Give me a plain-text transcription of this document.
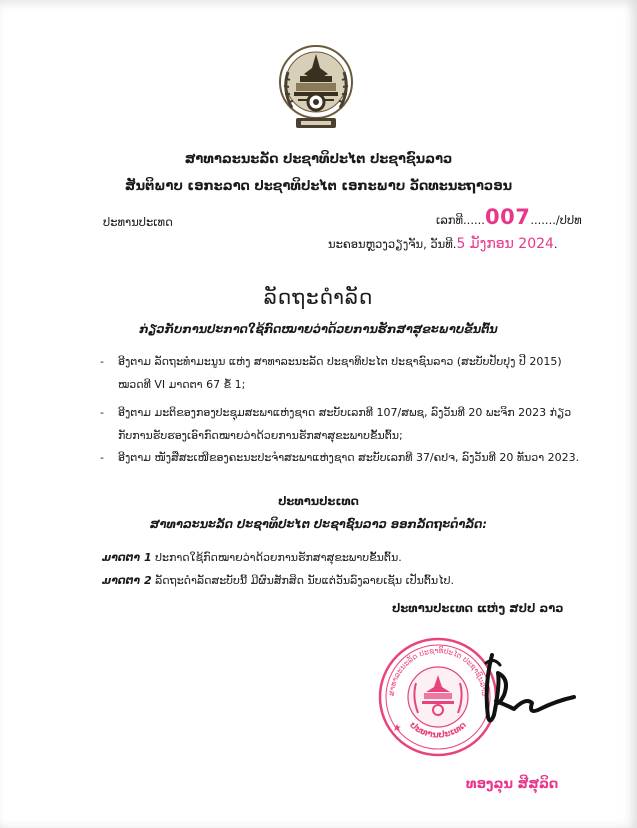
ສາທາລະນະລັດ ປະຊາທິປະໄຕ ປະຊາຊົນລາວ
ສັນຕິພາບ ເອກະລາດ ປະຊາທິປະໄຕ ເອກະພາບ ວັດທະນະຖາວອນ
ປະທານປະເທດ	ເລກທີ......007......./ປປທ
ນະຄອນຫຼວງວຽງຈັນ, ວັນທີ.5 ມັງກອນ 2024.
ລັດຖະດຳລັດ
ກ່ຽວກັບການປະກາດໃຊ້ກົດໝາຍວ່າດ້ວຍການຮັກສາສຸຂະພາບຂັ້ນຕົ້ນ
- ອີງຕາມ ລັດຖະທຳມະນູນ ແຫ່ງ ສາທາລະນະລັດ ປະຊາທິປະໄຕ ປະຊາຊົນລາວ (ສະບັບປັບປຸງ ປີ 2015)
ໝວດທີ VI ມາດຕາ 67 ຂໍ້ 1;
- ອີງຕາມ ມະຕິຂອງກອງປະຊຸມສະພາແຫ່ງຊາດ ສະບັບເລກທີ 107/ສພຊ, ລົງວັນທີ 20 ພະຈິກ 2023 ກ່ຽວ
ກັບການຮັບຮອງເອົາກົດໝາຍວ່າດ້ວຍການຮັກສາສຸຂະພາບຂັ້ນຕົ້ນ;
- ອີງຕາມ ໜັງສືສະເໜີຂອງຄະນະປະຈຳສະພາແຫ່ງຊາດ ສະບັບເລກທີ 37/ຄປຈ, ລົງວັນທີ 20 ທັນວາ 2023.
ປະທານປະເທດ
ສາທາລະນະລັດ ປະຊາທິປະໄຕ ປະຊາຊົນລາວ ອອກລັດຖະດຳລັດ:
ມາດຕາ 1 ປະກາດໃຊ້ກົດໝາຍວ່າດ້ວຍການຮັກສາສຸຂະພາບຂັ້ນຕົ້ນ.
ມາດຕາ 2 ລັດຖະດຳລັດສະບັບນີ້ ມີຜົນສັກສິດ ນັບແຕ່ວັນລົງລາຍເຊັນ ເປັນຕົ້ນໄປ.
ປະທານປະເທດ ແຫ່ງ ສປປ ລາວ
ສາທາລະນະລັດ ປະຊາທິປະໄຕ ປະຊາຊົນລາວ
ປະທານປະເທດ
ທອງລຸນ ສີສຸລິດ
